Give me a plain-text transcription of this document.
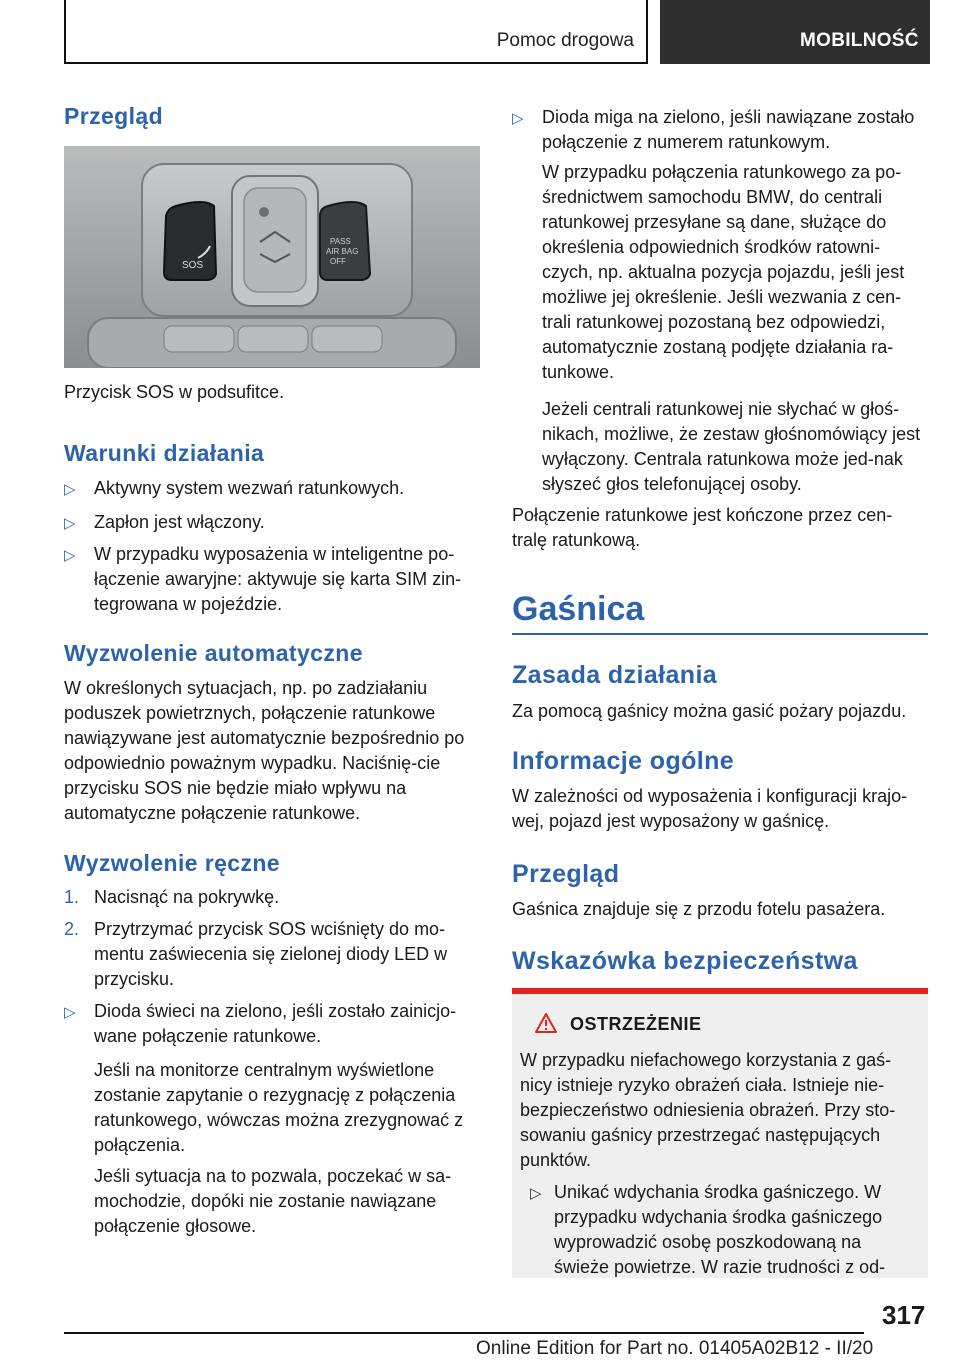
Pomoc drogowa	MOBILNOŚĆ
Przegląd
SOS
PASS
AIR BAG
OFF

Przycisk SOS w podsufitce.

Warunki działania
▷ Aktywny system wezwań ratunkowych.
▷ Zapłon jest włączony.
▷ W przypadku wyposażenia w inteligentne po-łączenie awaryjne: aktywuje się karta SIM zin-tegrowana w pojeździe.
Wyzwolenie automatyczne

W określonych sytuacjach, np. po zadziałaniu poduszek powietrznych, połączenie ratunkowe nawiązywane jest automatycznie bezpośrednio po odpowiednio poważnym wypadku. Naciśnię-cie przycisku SOS nie będzie miało wpływu na automatyczne połączenie ratunkowe.

Wyzwolenie ręczne
1. Nacisnąć na pokrywkę.
2. Przytrzymać przycisk SOS wciśnięty do mo-mentu zaświecenia się zielonej diody LED w przycisku.
▷ Dioda świeci na zielono, jeśli zostało zainicjo-wane połączenie ratunkowe.

Jeśli na monitorze centralnym wyświetlone zostanie zapytanie o rezygnację z połączenia ratunkowego, wówczas można zrezygnować z połączenia.

Jeśli sytuacja na to pozwala, poczekać w sa-mochodzie, dopóki nie zostanie nawiązane połączenie głosowe.

▷ Dioda miga na zielono, jeśli nawiązane zostało połączenie z numerem ratunkowym.

W przypadku połączenia ratunkowego za po-średnictwem samochodu BMW, do centrali ratunkowej przesyłane są dane, służące do określenia odpowiednich środków ratowni-czych, np. aktualna pozycja pojazdu, jeśli jest możliwe jej określenie. Jeśli wezwania z cen-trali ratunkowej pozostaną bez odpowiedzi, automatycznie zostaną podjęte działania ra-tunkowe.

Jeżeli centrali ratunkowej nie słychać w głoś-nikach, możliwe, że zestaw głośnomówiący jest wyłączony. Centrala ratunkowa może jed-nak słyszeć głos telefonującej osoby.

Połączenie ratunkowe jest kończone przez cen-tralę ratunkową.

Gaśnica
Zasada działania

Za pomocą gaśnicy można gasić pożary pojazdu.

Informacje ogólne

W zależności od wyposażenia i konfiguracji krajo-wej, pojazd jest wyposażony w gaśnicę.

Przegląd

Gaśnica znajduje się z przodu fotelu pasażera.

Wskazówka bezpieczeństwa
OSTRZEŻENIE

W przypadku niefachowego korzystania z gaś-nicy istnieje ryzyko obrażeń ciała. Istnieje nie-bezpieczeństwo odniesienia obrażeń. Przy sto-sowaniu gaśnicy przestrzegać następujących punktów.

▷ Unikać wdychania środka gaśniczego. W przypadku wdychania środka gaśniczego wyprowadzić osobę poszkodowaną na świeże powietrze. W razie trudności z od-
317
Online Edition for Part no. 01405A02B12 - II/20
